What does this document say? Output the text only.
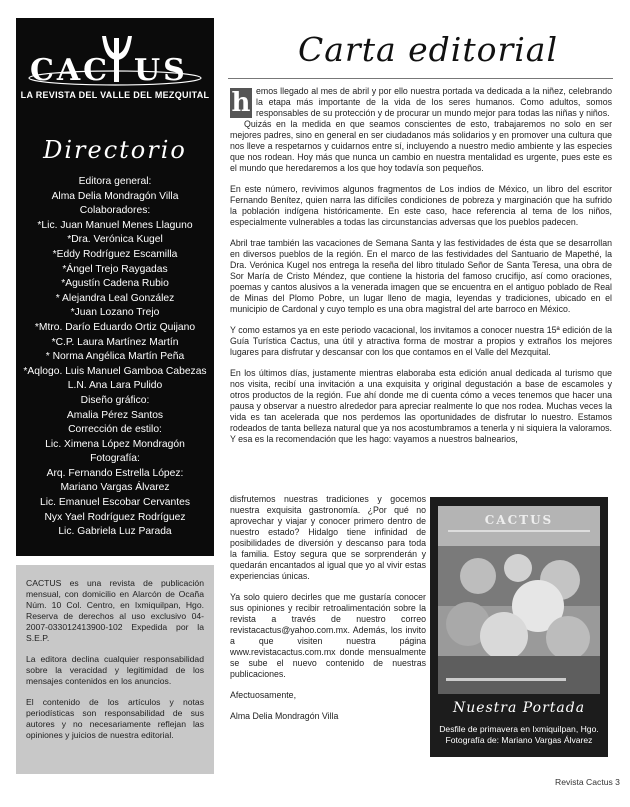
CAC US
LA REVISTA DEL VALLE DEL MEZQUITAL
Directorio
Editora general:
Alma Delia Mondragón Villa
Colaboradores:
*Lic. Juan Manuel Menes Llaguno
*Dra. Verónica Kugel
*Eddy Rodríguez Escamilla
*Ángel Trejo Raygadas
*Agustín Cadena Rubio
* Alejandra Leal González
*Juan Lozano Trejo
*Mtro. Darío Eduardo Ortiz Quijano
*C.P. Laura Martínez Martín
* Norma Angélica Martín Peña
*Aqlogo. Luis Manuel Gamboa Cabezas
L.N. Ana Lara Pulido
Diseño gráfico:
Amalia Pérez Santos
Corrección de estilo:
Lic. Ximena López Mondragón
Fotografía:
Arq. Fernando Estrella López:
Mariano Vargas Álvarez
Lic. Emanuel Escobar Cervantes
Nyx Yael Rodríguez Rodríguez
Lic. Gabriela Luz Parada

CACTUS es una revista de publicación mensual, con domicilio en Alarcón de Ocaña Núm. 10 Col. Centro, en Ixmiquilpan, Hgo. Reserva de derechos al uso exclusivo 04-2007-033012413900-102 Expedida por la S.E.P.

La editora declina cualquier responsabilidad sobre la veracidad y legitimidad de los mensajes contenidos en los anuncios.

El contenido de los artículos y notas periodísticas son responsabilidad de sus autores y no necesariamente reflejan las opiniones y juicios de nuestra editorial.

Carta editorial

h emos llegado al mes de abril y por ello nuestra portada va dedicada a la niñez, celebrando la etapa más importante de la vida de los seres humanos. Como adultos, somos responsables de su protección y de procurar un mundo mejor para todas las niñas y niños.

Quizás en la medida en que seamos conscientes de esto, trabajaremos no solo en ser mejores padres, sino en general en ser ciudadanos más solidarios y en promover una cultura que nos lleve a respetarnos y cuidarnos entre sí, incluyendo a nuestro medio ambiente y las especies que nos rodean. Hoy más que nunca un cambio en nuestra mentalidad es urgente, pues este es el mundo que heredaremos a los que hoy todavía son pequeños.

En este número, revivimos algunos fragmentos de Los indios de México, un libro del escritor Fernando Benítez, quien narra las difíciles condiciones de pobreza y marginación que ha sufrido la población indígena históricamente. En este caso, hace referencia al tema de los niños, especialmente vulnerables a todas las circunstancias adversas que los pueblos padecen.

Abril trae también las vacaciones de Semana Santa y las festividades de ésta que se desarrollan en diversos pueblos de la región. En el marco de las festividades del Santuario de Mapethé, la Dra. Verónica Kugel nos entrega la reseña del libro titulado Señor de Santa Teresa, una obra de Sor María de Cristo Méndez, que contiene la historia del famoso crucifijo, así como oraciones, poemas y cantos alusivos a la venerada imagen que se encuentra en el antiguo poblado de Real de Minas del Plomo Pobre, un lugar lleno de magia, leyendas y tradiciones, ubicado en el municipio de Cardonal y cuyo templo es una obra magistral del arte barroco en México.

Y como estamos ya en este periodo vacacional, los invitamos a conocer nuestra 15ª edición de la Guía Turística Cactus, una útil y atractiva forma de mostrar a propios y extraños los mejores lugares para disfrutar y descansar con los que contamos en el Valle del Mezquital.

En los últimos días, justamente mientras elaboraba esta edición anual dedicada al turismo que nos visita, recibí una invitación a una exquisita y original degustación a base de escamoles y otros productos de la región. Fue ahí donde me di cuenta cómo a veces tenemos que hacer una pausa y observar a nuestro alrededor para apreciar realmente lo que nos rodea. Muchas veces la vida es tan acelerada que nos perdemos las oportunidades de disfrutar lo nuestro. Estamos rodeados de tanta belleza natural que ya nos acostumbramos a tenerla y ni siquiera la valoramos. Y esa es la recomendación que les hago: vayamos a nuestros balnearios,

disfrutemos nuestras tradiciones y gocemos nuestra exquisita gastronomía. ¿Por qué no aprovechar y viajar y conocer primero dentro de nuestro estado? Hidalgo tiene infinidad de posibilidades de diversión y descanso para toda la familia. Estoy segura que se sorprenderán y quedarán encantados al igual que yo al vivir estas experiencias únicas.

Ya solo quiero decirles que me gustaría conocer sus opiniones y recibir retroalimentación sobre la revista a través de nuestro correo revistacactus@yahoo.com.mx. Además, los invito a que visiten nuestra página www.revistacactus.com.mx donde mensualmente se sube el nuevo contenido de nuestras publicaciones.

Afectuosamente,

Alma Delia Mondragón Villa

CACTUS
Nuestra Portada
Desfile de primavera en Ixmiquilpan, Hgo.
Fotografía de: Mariano Vargas Álvarez
Revista Cactus 3
